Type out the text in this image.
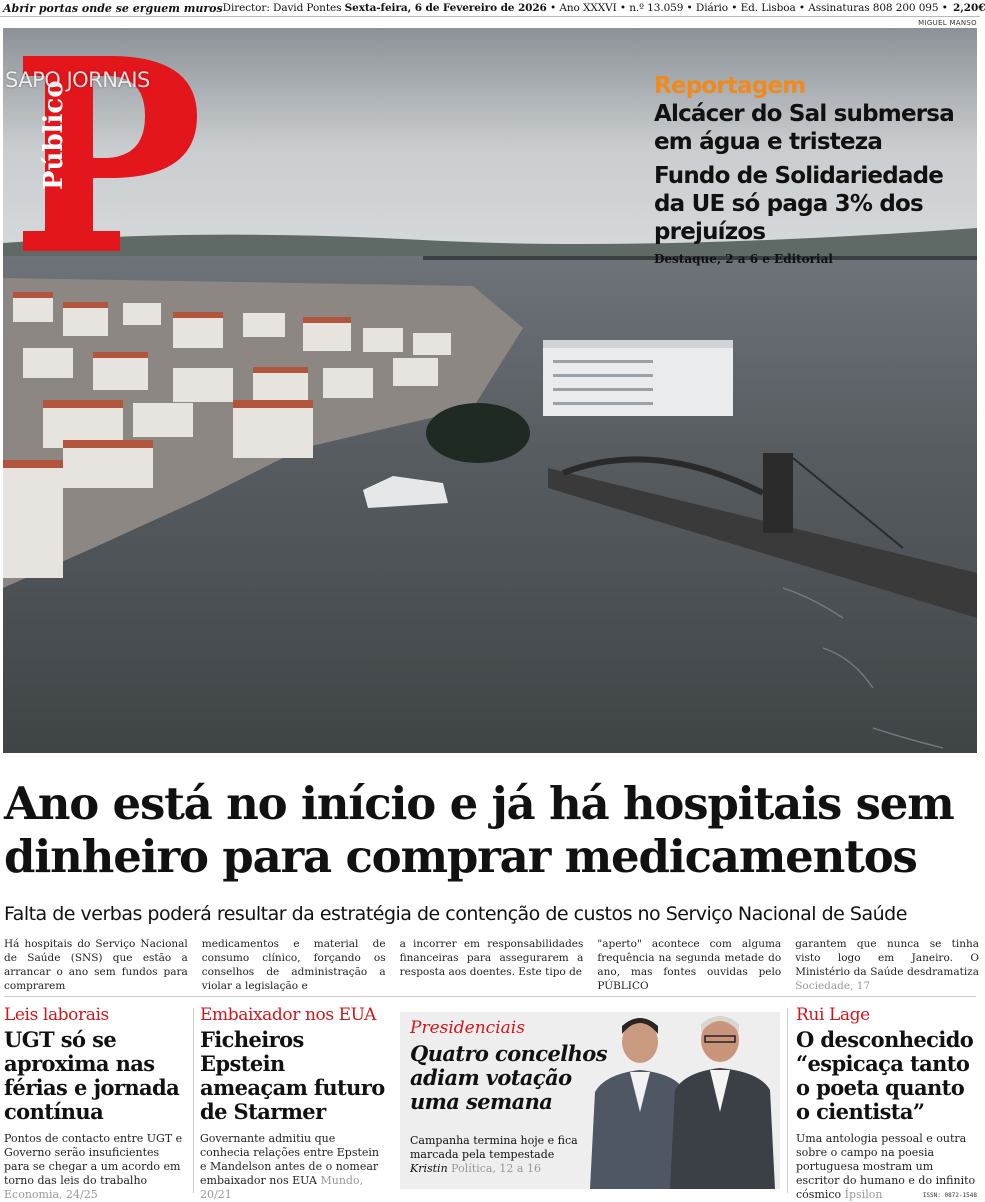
Abrir portas onde se erguem muros Director: David Pontes Sexta-feira, 6 de Fevereiro de 2026 • Ano XXXVI • n.º 13.059 • Diário • Ed. Lisboa • Assinaturas 808 200 095 • 2,20€
MIGUEL MANSO
Público
SAPO JORNAIS	Reportagem
Alcácer do Sal submersa em água e tristeza
Fundo de Solidariedade da UE só paga 3% dos prejuízos
Destaque, 2 a 6 e Editorial
Ano está no início e já há hospitais sem dinheiro para comprar medicamentos
Falta de verbas poderá resultar da estratégia de contenção de custos no Serviço Nacional de Saúde
Há hospitais do Serviço Nacional de Saúde (SNS) que estão a arrancar o ano sem fundos para comprarem
medicamentos e material de consumo clínico, forçando os conselhos de administração a violar a legislação e
a incorrer em responsabilidades financeiras para assegurarem a resposta aos doentes. Este tipo de
"aperto" acontece com alguma frequência na segunda metade do ano, mas fontes ouvidas pelo PÚBLICO
garantem que nunca se tinha visto logo em Janeiro. O Ministério da Saúde desdramatiza Sociedade, 17
Leis laborais
UGT só se aproxima nas férias e jornada contínua
Pontos de contacto entre UGT e Governo serão insuficientes para se chegar a um acordo em torno das leis do trabalho Economia, 24/25
Embaixador nos EUA
Ficheiros Epstein ameaçam futuro de Starmer
Governante admitiu que conhecia relações entre Epstein e Mandelson antes de o nomear embaixador nos EUA Mundo, 20/21
Presidenciais
Quatro concelhos adiam votação uma semana
Campanha termina hoje e fica marcada pela tempestade Kristin Política, 12 a 16
Rui Lage
O desconhecido “espicaça tanto o poeta quanto o cientista”
Uma antologia pessoal e outra sobre o campo na poesia portuguesa mostram um escritor do humano e do infinito cósmico Ípsilon	ISSN: 0872-1548
